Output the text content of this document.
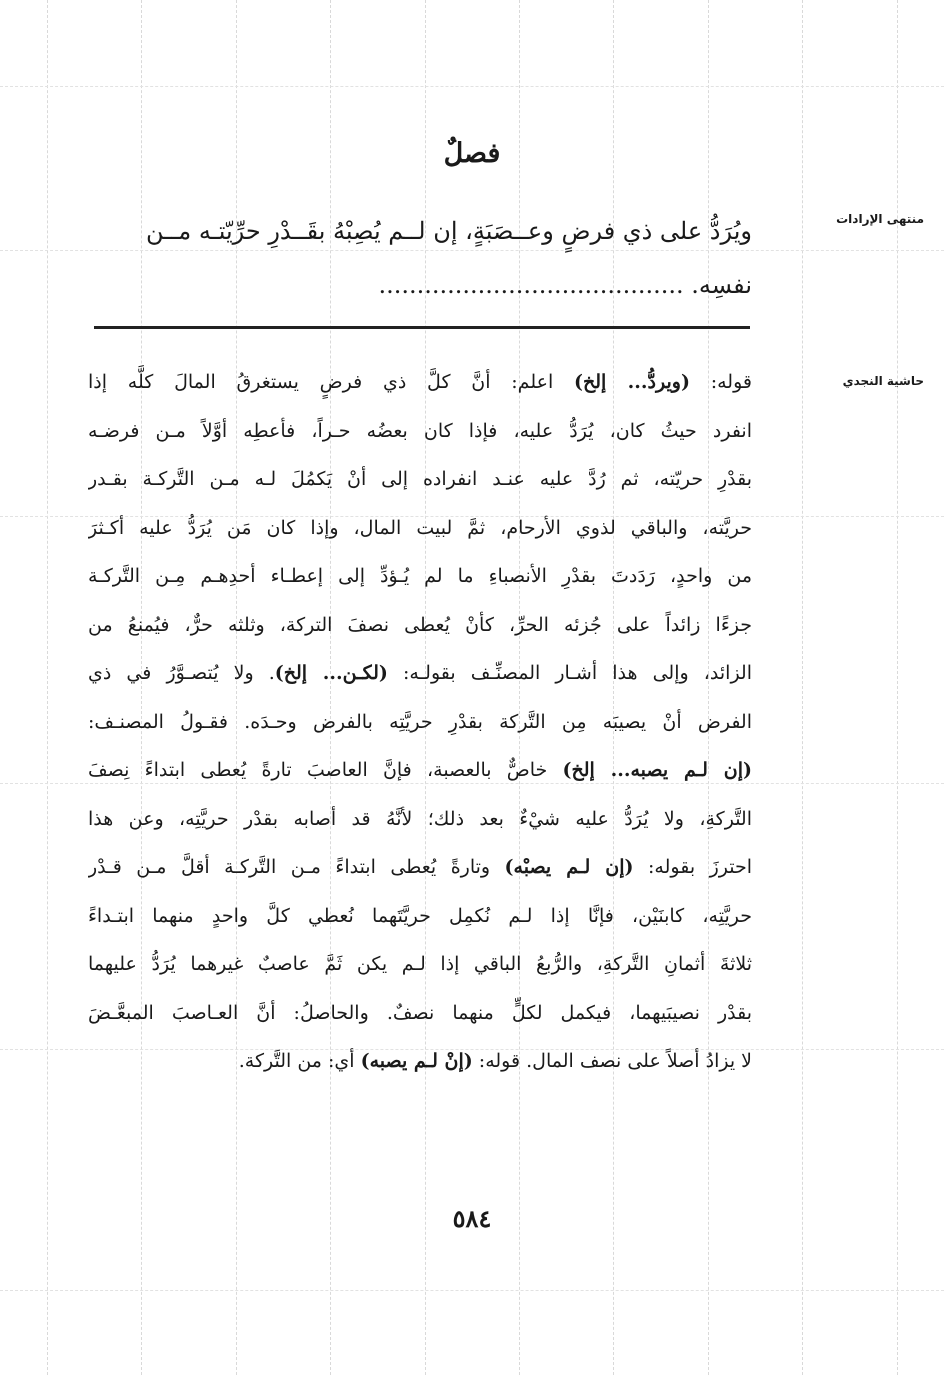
فصلٌ
منتهى الإرادات
حاشية النجدي
ويُرَدُّ على ذي فرضٍ وعــصَبَةٍ، إن لــم يُصِبْهُ بقَــدْرِ حرِّيّتـه مــن
نفسِه. ........................................
قوله: (ويردُّ... إلخ) اعلم: أنَّ كلَّ ذي فرضٍ يستغرقُ المالَ كلَّه إذا
انفرد حيثُ كان، يُرَدُّ عليه، فإذا كان بعضُه حـراً، فأعطِه أوَّلاً مـن فرضـه
بقدْرِ حريّته، ثم رُدَّ عليه عنـد انفراده إلى أنْ يَكمُلَ لـه مـن التَّركـة بقـدر
حريَّته، والباقي لذوي الأرحام، ثمَّ لبيت المال، وإذا كان مَن يُرَدُّ عليه أكـثرَ
من واحدٍ، رَدَدتَ بقدْرِ الأنصباءِ ما لم يُـؤدِّ إلى إعطـاء أحدِهـم مِـن التَّركـة
جزءًا زائداً على جُزئه الحرِّ، كأنْ يُعطى نصفَ التركة، وثلثه حرٌّ، فيُمنعُ من
الزائد، وإلى هذا أشـار المصنِّـف بقولـه: (لكـن... إلخ). ولا يُتصـوَّرُ في ذي
الفرض أنْ يصيبَه مِن التَّركة بقدْرِ حريَّتِه بالفرض وحـدَه. فقـولُ المصنـف:
(إن لـم يصبه... إلخ) خاصٌّ بالعصبة، فإنَّ العاصبَ تارةً يُعطى ابتداءً نِصفَ
التَّركةِ، ولا يُرَدُّ عليه شيْءٌ بعد ذلك؛ لأنَّهُ قد أصابه بقدْر حريَّتِه، وعن هذا
احترزَ بقوله: (إن لـم يصبْه) وتارةً يُعطى ابتداءً مـن التَّركـة أقلَّ مـن قـدْر
حريَّتِه، كابنَيْن، فإنَّا إذا لـم نُكمِل حريَّتَهما نُعطي كلَّ واحدٍ منهما ابتـداءً
ثلاثةَ أثمانِ التَّركةِ، والرُّبعُ الباقي إذا لـم يكن ثَمَّ عاصبٌ غيرهما يُرَدُّ عليهما
بقدْر نصيبَيهما، فيكمل لكلٍّ منهما نصفٌ. والحاصلُ: أنَّ العـاصبَ المبعَّـضَ
لا يزادُ أصلاً على نصف المال. قوله: (إنْ لـم يصبه) أي: من التَّركة.
٥٨٤
